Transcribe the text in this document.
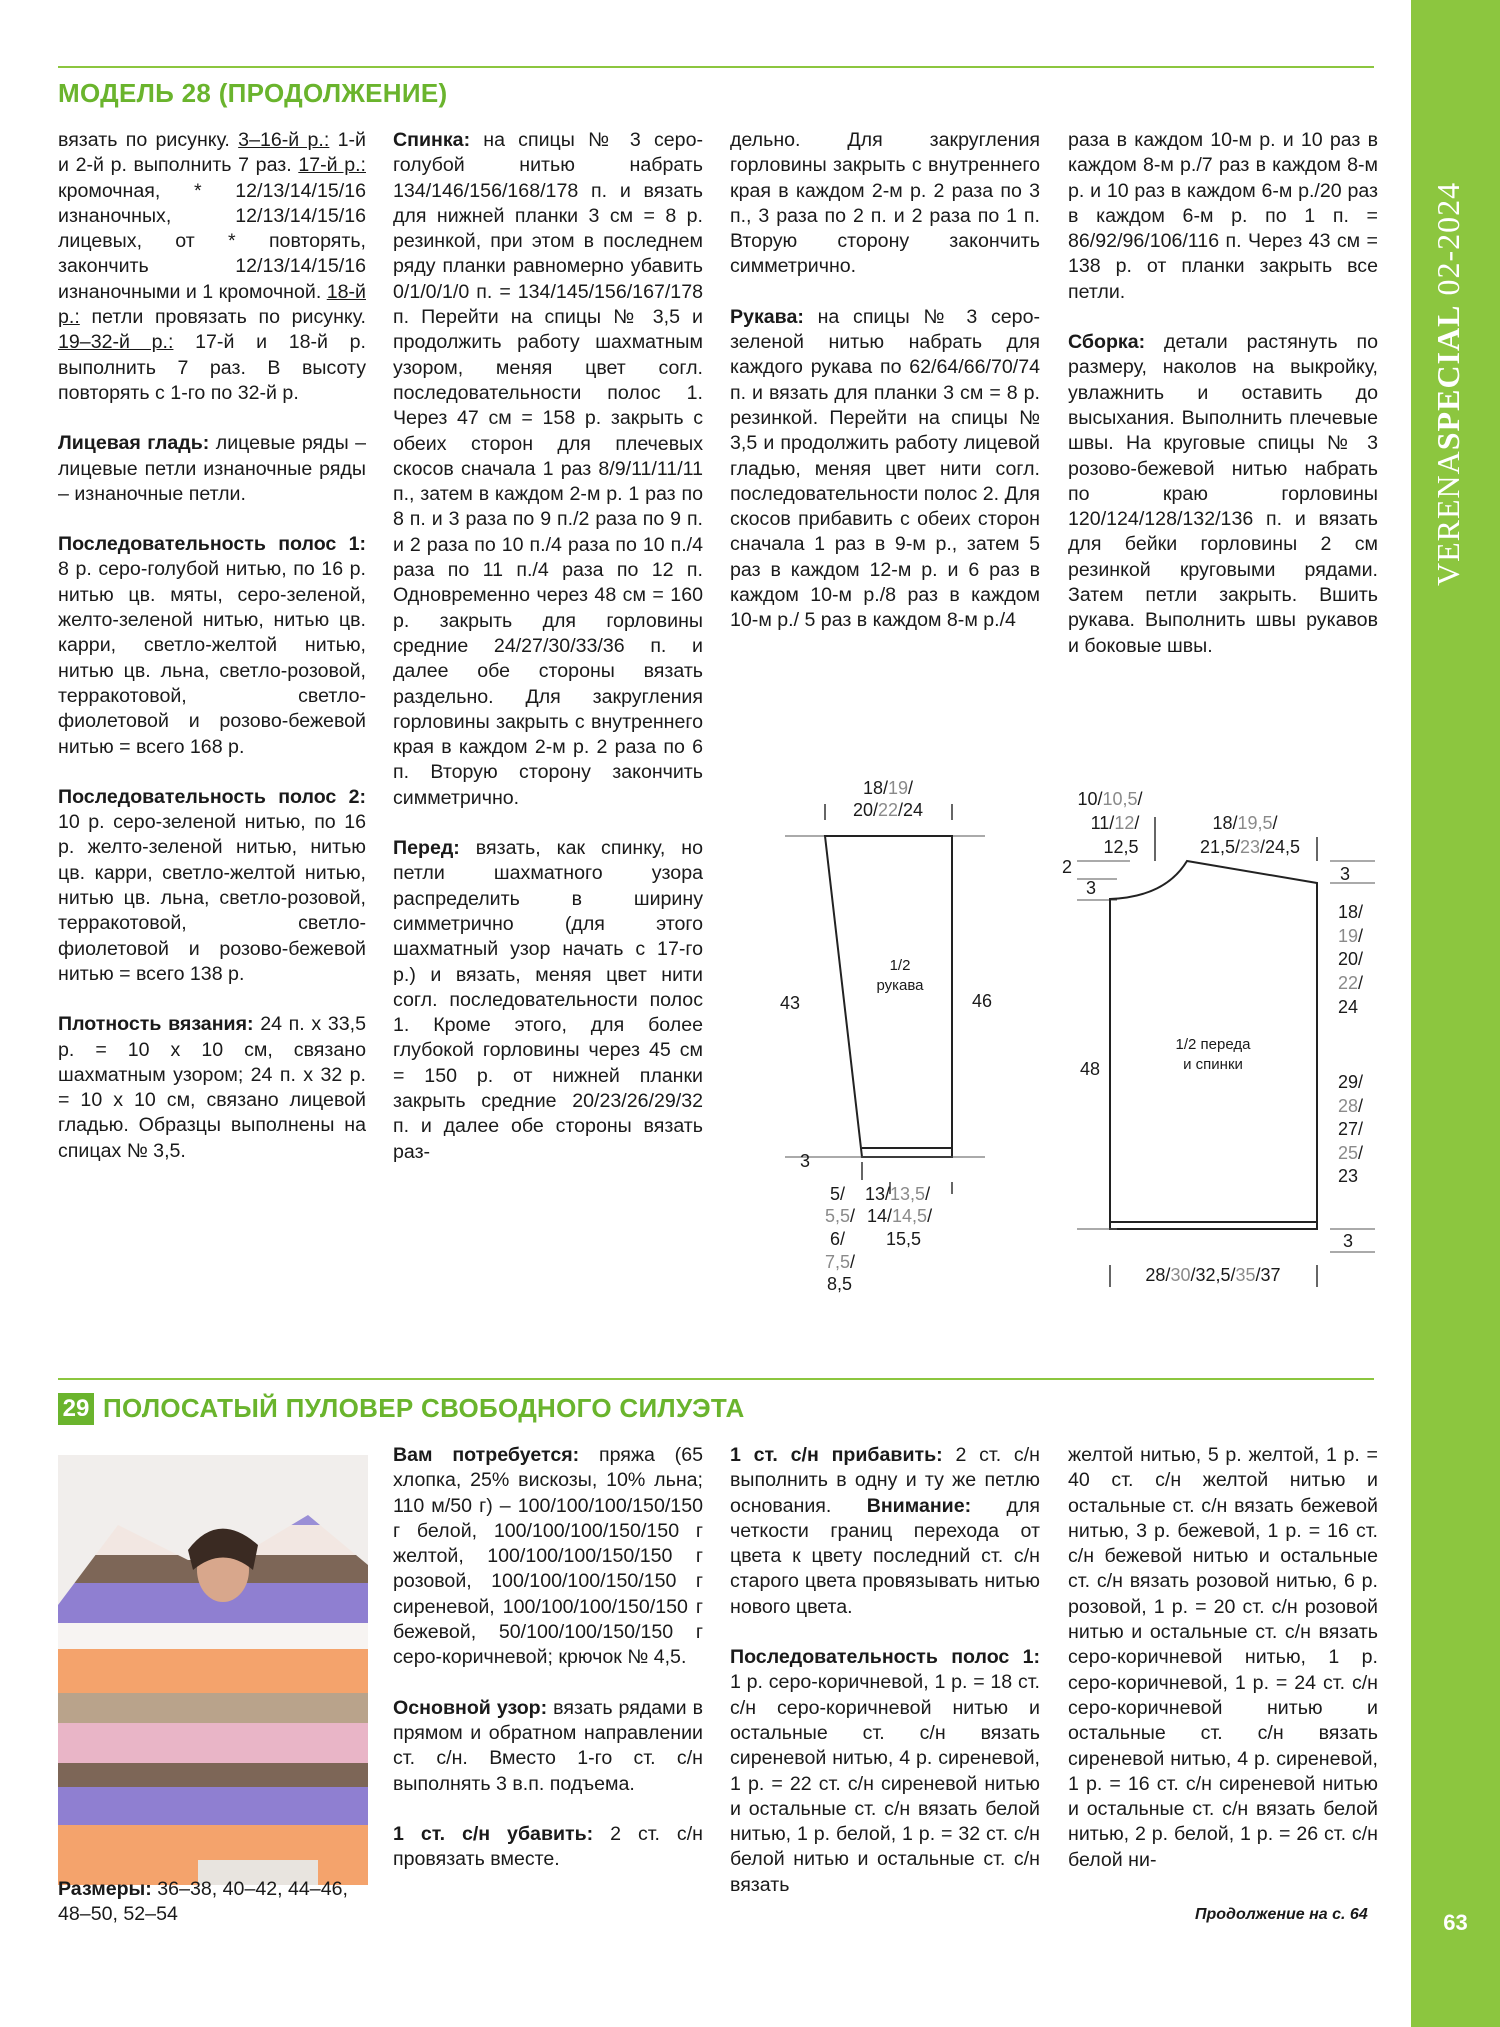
VERENASPECIAL 02-2024
63
МОДЕЛЬ 28 (ПРОДОЛЖЕНИЕ)

вязать по рисунку. 3–16-й р.: 1-й и 2-й р. выполнить 7 раз. 17-й р.: кромочная, * 12/13/14/15/16 изнаночных, 12/13/14/15/16 лицевых, от * повторять, закончить 12/13/14/15/16 изнаночными и 1 кромочной. 18-й р.: петли провязать по рисунку. 19–32-й р.: 17-й и 18-й р. выполнить 7 раз. В высоту повторять с 1-го по 32-й р.

Лицевая гладь: лицевые ряды – лицевые петли изнаночные ряды – изнаночные петли.

Последовательность полос 1: 8 р. серо-голубой нитью, по 16 р. нитью цв. мяты, серо-зеленой, желто-зеленой нитью, нитью цв. карри, светло-желтой нитью, нитью цв. льна, светло-розовой, терракотовой, светло-фиолетовой и розово-бежевой нитью = всего 168 р.

Последовательность полос 2: 10 р. серо-зеленой нитью, по 16 р. желто-зеленой нитью, нитью цв. карри, светло-желтой нитью, нитью цв. льна, светло-розовой, терракотовой, светло-фиолетовой и розово-бежевой нитью = всего 138 р.

Плотность вязания: 24 п. х 33,5 р. = 10 х 10 см, связано шахматным узором; 24 п. х 32 р. = 10 х 10 см, связано лицевой гладью. Образцы выполнены на спицах № 3,5.

Спинка: на спицы № 3 серо-голубой нитью набрать 134/146/156/168/178 п. и вязать для нижней планки 3 см = 8 р. резинкой, при этом в последнем ряду планки равномерно убавить 0/1/0/1/0 п. = 134/145/156/167/178 п. Перейти на спицы № 3,5 и продолжить работу шахматным узором, меняя цвет согл. последовательности полос 1. Через 47 см = 158 р. закрыть с обеих сторон для плечевых скосов сначала 1 раз 8/9/11/11/11 п., затем в каждом 2-м р. 1 раз по 8 п. и 3 раза по 9 п./2 раза по 9 п. и 2 раза по 10 п./4 раза по 10 п./4 раза по 11 п./4 раза по 12 п. Одновременно через 48 см = 160 р. закрыть для горловины средние 24/27/30/33/36 п. и далее обе стороны вязать раздельно. Для закругления горловины закрыть с внутреннего края в каждом 2-м р. 2 раза по 6 п. Вторую сторону закончить симметрично.

Перед: вязать, как спинку, но петли шахматного узора распределить в ширину симметрично (для этого шахматный узор начать с 17-го р.) и вязать, меняя цвет нити согл. последовательности полос 1. Кроме этого, для более глубокой горловины через 45 см = 150 р. от нижней планки закрыть средние 20/23/26/29/32 п. и далее обе стороны вязать раз-

дельно. Для закругления горловины закрыть с внутреннего края в каждом 2-м р. 2 раза по 3 п., 3 раза по 2 п. и 2 раза по 1 п. Вторую сторону закончить симметрично.

Рукава: на спицы № 3 серо-зеленой нитью набрать для каждого рукава по 62/64/66/70/74 п. и вязать для планки 3 см = 8 р. резинкой. Перейти на спицы № 3,5 и продолжить работу лицевой гладью, меняя цвет нити согл. последовательности полос 2. Для скосов прибавить с обеих сторон сначала 1 раз в 9-м р., затем 5 раз в каждом 12-м р. и 6 раз в каждом 10-м р./8 раз в каждом 10-м р./ 5 раз в каждом 8-м р./4

раза в каждом 10-м р. и 10 раз в каждом 8-м р./7 раз в каждом 8-м р. и 10 раз в каждом 6-м р./20 раз в каждом 6-м р. по 1 п. = 86/92/96/106/116 п. Через 43 см = 138 р. от планки закрыть все петли.

Сборка: детали растянуть по размеру, наколов на выкройку, увлажнить и оставить до высыхания. Выполнить плечевые швы. На круговые спицы № 3 розово-бежевой нитью набрать по краю горловины 120/124/128/132/136 п. и вязать для бейки горловины 2 см резинкой круговыми рядами. Затем петли закрыть. Вшить рукава. Выполнить швы рукавов и боковые швы.

18/19/
20/22/24
1/2
рукава
43	46
3
5/
5,5/
6/
7,5/
8,5
13/13,5/
14/14,5/
15,5
10/10,5/
11/12/
12,5
18/19,5/
21,5/23/24,5
2
3
3
18/
19/
20/
22/
24
1/2 переда
и спинки
48
29/
28/
27/
25/
23
3
28/30/32,5/35/37
29 ПОЛОСАТЫЙ ПУЛОВЕР СВОБОДНОГО СИЛУЭТА

Размеры: 36–38, 40–42, 44–46, 48–50, 52–54

Вам потребуется: пряжа (65 хлопка, 25% вискозы, 10% льна; 110 м/50 г) – 100/100/100/150/150 г белой, 100/100/100/150/150 г желтой, 100/100/100/150/150 г розовой, 100/100/100/150/150 г сиреневой, 100/100/100/150/150 г бежевой, 50/100/100/150/150 г серо-коричневой; крючок № 4,5.

Основной узор: вязать рядами в прямом и обратном направлении ст. с/н. Вместо 1-го ст. с/н выполнять 3 в.п. подъема.

1 ст. с/н убавить: 2 ст. с/н провязать вместе.

1 ст. с/н прибавить: 2 ст. с/н выполнить в одну и ту же петлю основания. Внимание: для четкости границ перехода от цвета к цвету последний ст. с/н старого цвета провязывать нитью нового цвета.

Последовательность полос 1: 1 р. серо-коричневой, 1 р. = 18 ст. с/н серо-коричневой нитью и остальные ст. с/н вязать сиреневой нитью, 4 р. сиреневой, 1 р. = 22 ст. с/н сиреневой нитью и остальные ст. с/н вязать белой нитью, 1 р. белой, 1 р. = 32 ст. с/н белой нитью и остальные ст. с/н вязать

желтой нитью, 5 р. желтой, 1 р. = 40 ст. с/н желтой нитью и остальные ст. с/н вязать бежевой нитью, 3 р. бежевой, 1 р. = 16 ст. с/н бежевой нитью и остальные ст. с/н вязать розовой нитью, 6 р. розовой, 1 р. = 20 ст. с/н розовой нитью и остальные ст. с/н вязать серо-коричневой нитью, 1 р. серо-коричневой, 1 р. = 24 ст. с/н серо-коричневой нитью и остальные ст. с/н вязать сиреневой нитью, 4 р. сиреневой, 1 р. = 16 ст. с/н сиреневой нитью и остальные ст. с/н вязать белой нитью, 2 р. белой, 1 р. = 26 ст. с/н белой ни-

Продолжение на с. 64
